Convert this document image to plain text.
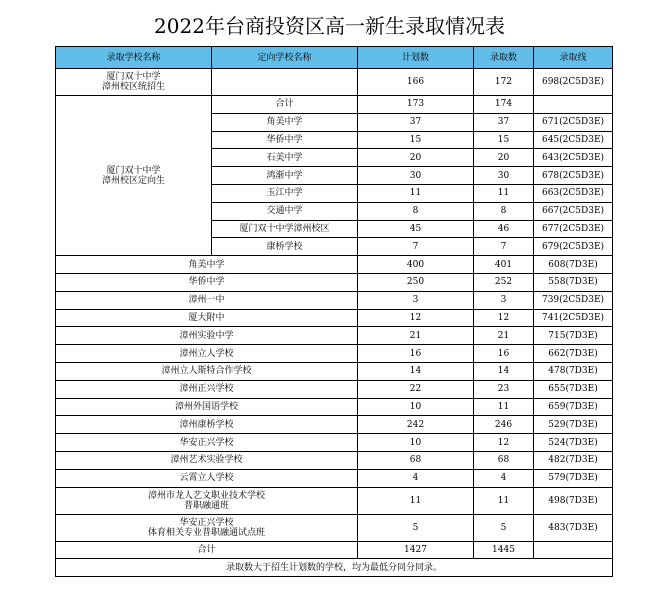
2022年台商投资区高一新生录取情况表
录取学校名称	定向学校名称	计划数	录取数	录取线

厦门双十中学
漳州校区统招生		166	172	698(2C5D3E)

厦门双十中学
漳州校区定向生	合计	173	174	
	角美中学	37	37	671(2C5D3E)
	华侨中学	15	15	645(2C5D3E)
	石美中学	20	20	643(2C5D3E)
	鸿渐中学	30	30	678(2C5D3E)
	玉江中学	11	11	663(2C5D3E)
	交通中学	8	8	667(2C5D3E)
	厦门双十中学漳州校区	45	46	677(2C5D3E)
	康桥学校	7	7	679(2C5D3E)

角美中学		400	401	608(7D3E)

华侨中学		250	252	558(7D3E)

漳州一中		3	3	739(2C5D3E)

厦大附中		12	12	741(2C5D3E)

漳州实验中学		21	21	715(7D3E)

漳州立人学校		16	16	662(7D3E)

漳州立人斯特合作学校		14	14	478(7D3E)

漳州正兴学校		22	23	655(7D3E)

漳州外国语学校		10	11	659(7D3E)

漳州康桥学校		242	246	529(7D3E)

华安正兴学校		10	12	524(7D3E)

漳州艺术实验学校		68	68	482(7D3E)

云霄立人学校		4	4	579(7D3E)

漳州市龙人艺文职业技术学校
普职融通班		11	11	498(7D3E)

华安正兴学校
体育相关专业普职融通试点班		5	5	483(7D3E)
合计		1427	1445	
录取数大于招生计划数的学校，均为最低分同分同录。				
